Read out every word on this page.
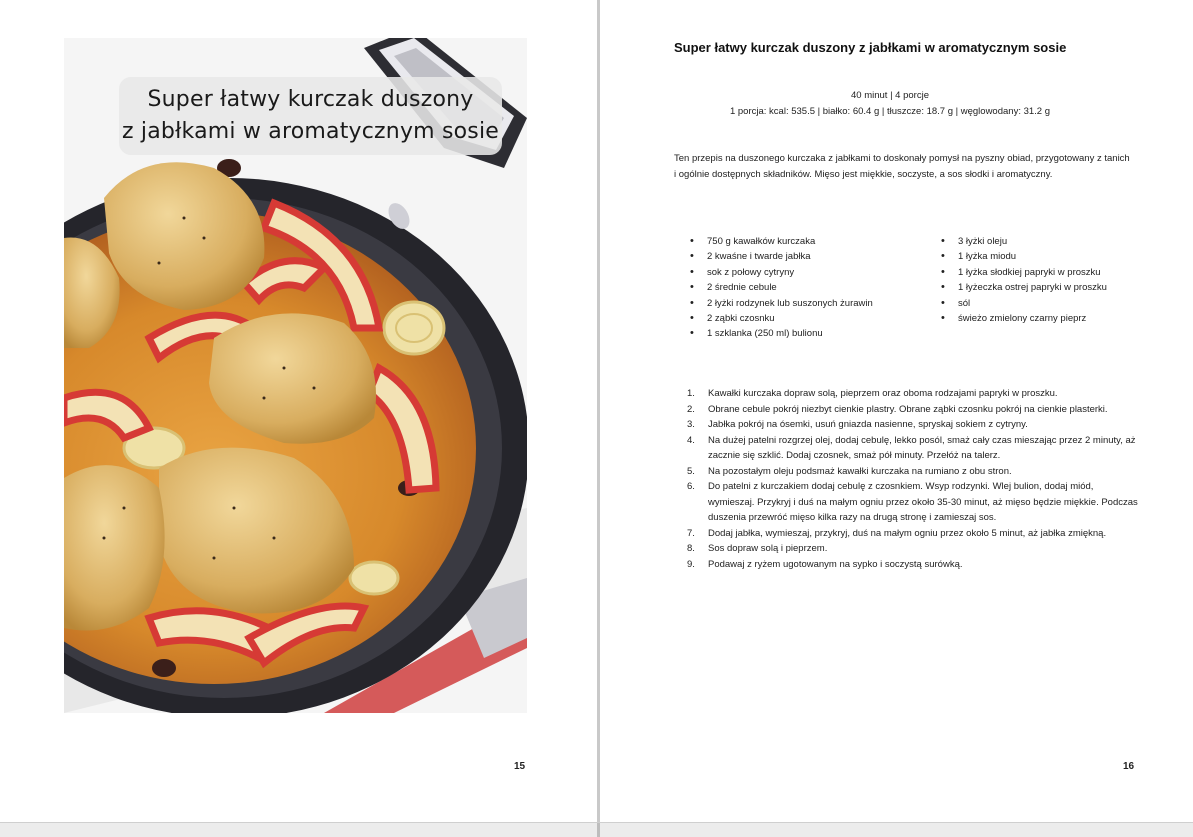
Super łatwy kurczak duszony
z jabłkami w aromatycznym sosie
15
Super łatwy kurczak duszony z jabłkami w aromatycznym sosie
40 minut | 4 porcje
1 porcja: kcal: 535.5 | białko: 60.4 g | tłuszcze: 18.7 g | węglowodany: 31.2 g
Ten przepis na duszonego kurczaka z jabłkami to doskonały pomysł na pyszny obiad, przygotowany z tanich i ogólnie dostępnych składników. Mięso jest miękkie, soczyste, a sos słodki i aromatyczny.
• 750 g kawałków kurczaka
• 2 kwaśne i twarde jabłka
• sok z połowy cytryny
• 2 średnie cebule
• 2 łyżki rodzynek lub suszonych żurawin
• 2 ząbki czosnku
• 1 szklanka (250 ml) bulionu
• 3 łyżki oleju
• 1 łyżka miodu
• 1 łyżka słodkiej papryki w proszku
• 1 łyżeczka ostrej papryki w proszku
• sól
• świeżo zmielony czarny pieprz
1. Kawałki kurczaka dopraw solą, pieprzem oraz oboma rodzajami papryki w proszku.
2. Obrane cebule pokrój niezbyt cienkie plastry. Obrane ząbki czosnku pokrój na cienkie plasterki.
3. Jabłka pokrój na ósemki, usuń gniazda nasienne, spryskaj sokiem z cytryny.
4. Na dużej patelni rozgrzej olej, dodaj cebulę, lekko posól, smaż cały czas mieszając przez 2 minuty, aż zacznie się szklić. Dodaj czosnek, smaż pół minuty. Przełóż na talerz.
5. Na pozostałym oleju podsmaż kawałki kurczaka na rumiano z obu stron.
6. Do patelni z kurczakiem dodaj cebulę z czosnkiem. Wsyp rodzynki. Wlej bulion, dodaj miód, wymieszaj. Przykryj i duś na małym ogniu przez około 35-30 minut, aż mięso będzie miękkie. Podczas duszenia przewróć mięso kilka razy na drugą stronę i zamieszaj sos.
7. Dodaj jabłka, wymieszaj, przykryj, duś na małym ogniu przez około 5 minut, aż jabłka zmiękną.
8. Sos dopraw solą i pieprzem.
9. Podawaj z ryżem ugotowanym na sypko i soczystą surówką.
16
